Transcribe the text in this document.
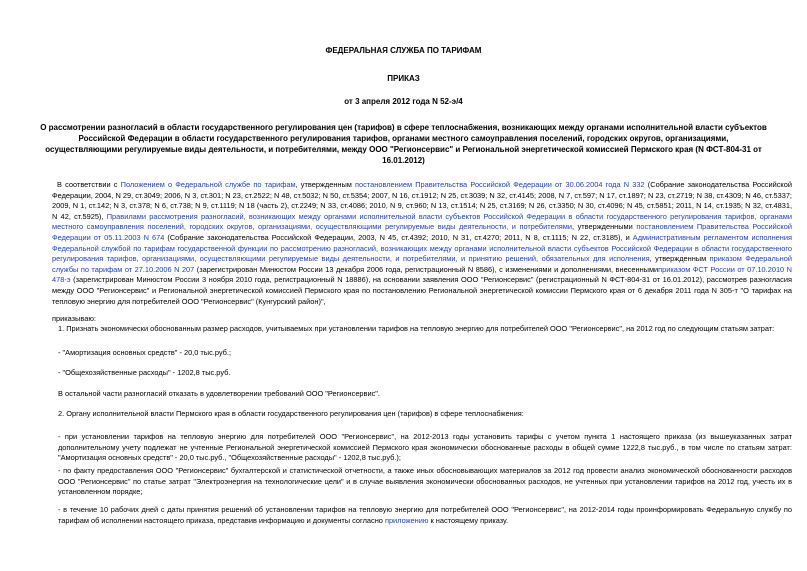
ФЕДЕРАЛЬНАЯ СЛУЖБА ПО ТАРИФАМ
ПРИКАЗ
от 3 апреля 2012 года N 52-э/4
О рассмотрении разногласий в области государственного регулирования цен (тарифов) в сфере теплоснабжения, возникающих между органами исполнительной власти субъектов Российской Федерации в области государственного регулирования тарифов, органами местного самоуправления поселений, городских округов, организациями, осуществляющими регулируемые виды деятельности, и потребителями, между ООО "Регионсервис" и Региональной энергетической комиссией Пермского края (N ФСТ-804-31 от 16.01.2012)

В соответствии с Положением о Федеральной службе по тарифам, утвержденным постановлением Правительства Российской Федерации от 30.06.2004 года N 332 (Собрание законодательства Российской Федерации, 2004, N 29, ст.3049; 2006, N 3, ст.301; N 23, ст.2522; N 48, ст.5032; N 50, ст.5354; 2007, N 16, ст.1912; N 25, ст.3039; N 32, ст.4145; 2008, N 7, ст.597; N 17, ст.1897; N 23, ст.2719; N 38, ст.4309; N 46, ст.5337; 2009, N 1, ст.142; N 3, ст.378; N 6, ст.738; N 9, ст.1119; N 18 (часть 2), ст.2249; N 33, ст.4086; 2010, N 9, ст.960; N 13, ст.1514; N 25, ст.3169; N 26, ст.3350; N 30, ст.4096; N 45, ст.5851; 2011, N 14, ст.1935; N 32, ст.4831, N 42, ст.5925), Правилами рассмотрения разногласий, возникающих между органами исполнительной власти субъектов Российской Федерации в области государственного регулирования тарифов, органами местного самоуправления поселений, городских округов, организациями, осуществляющими регулируемые виды деятельности, и потребителями, утвержденными постановлением Правительства Российской Федерации от 05.11.2003 N 674 (Собрание законодательства Российской Федерации, 2003, N 45, ст.4392; 2010, N 31, ст.4270; 2011, N 8, ст.1115; N 22, ст.3185), и Административным регламентом исполнения Федеральной службой по тарифам государственной функции по рассмотрению разногласий, возникающих между органами исполнительной власти субъектов Российской Федерации в области государственного регулирования тарифов, организациями, осуществляющими регулируемые виды деятельности, и потребителями, и принятию решений, обязательных для исполнения, утвержденным приказом Федеральной службы по тарифам от 27.10.2006 N 207 (зарегистрирован Минюстом России 13 декабря 2006 года, регистрационный N 8586), с изменениями и дополнениями, внесеннымиприказом ФСТ России от 07.10.2010 N 478-э (зарегистрирован Минюстом России 3 ноября 2010 года, регистрационный N 18886), на основании заявления ООО "Регионсервис" (регистрационный N ФСТ-804-31 от 16.01.2012), рассмотрев разногласия между ООО "Регионсервис" и Региональной энергетической комиссией Пермского края по постановлению Региональной энергетической комиссии Пермского края от 6 декабря 2011 года N 305-т "О тарифах на тепловую энергию для потребителей ООО "Регионсервис" (Кунгурский район)",

приказываю:

1. Признать экономически обоснованным размер расходов, учитываемых при установлении тарифов на тепловую энергию для потребителей ООО "Регионсервис", на 2012 год по следующим статьям затрат:

- "Амортизация основных средств" - 20,0 тыс.руб.;

- "Общехозяйственные расходы" - 1202,8 тыс.руб.

В остальной части разногласий отказать в удовлетворении требований ООО "Регионсервис".

2. Органу исполнительной власти Пермского края в области государственного регулирования цен (тарифов) в сфере теплоснабжения:

- при установлении тарифов на тепловую энергию для потребителей ООО "Регионсервис", на 2012-2013 годы установить тарифы с учетом пункта 1 настоящего приказа (из вышеуказанных затрат дополнительному учету подлежат не учтенные Региональной энергетической комиссией Пермского края экономически обоснованные расходы в общей сумме 1222,8 тыс.руб., в том числе по статьям затрат: "Амортизация основных средств" - 20,0 тыс.руб., "Общехозяйственные расходы" - 1202,8 тыс.руб.);

- по факту предоставления ООО "Регионсервис" бухгалтерской и статистической отчетности, а также иных обосновывающих материалов за 2012 год провести анализ экономической обоснованности расходов ООО "Регионсервис" по статье затрат "Электроэнергия на технологические цели" и в случае выявления экономически обоснованных расходов, не учтенных при установлении тарифов на 2012 год, учесть их в установленном порядке;

- в течение 10 рабочих дней с даты принятия решений об установлении тарифов на тепловую энергию для потребителей ООО "Регионсервис", на 2012-2014 годы проинформировать Федеральную службу по тарифам об исполнении настоящего приказа, представив информацию и документы согласно приложению к настоящему приказу.
